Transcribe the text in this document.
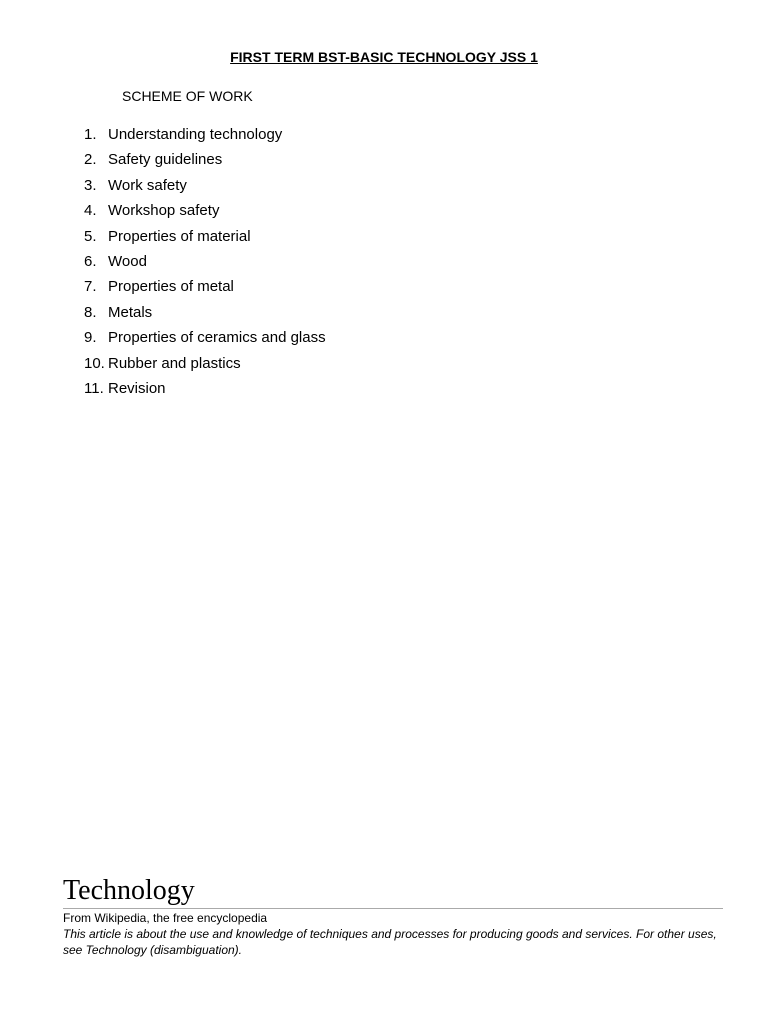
FIRST TERM BST-BASIC TECHNOLOGY JSS 1

SCHEME OF WORK

1. Understanding technology
2. Safety guidelines
3. Work safety
4. Workshop safety
5. Properties of material
6. Wood
7. Properties of metal
8. Metals
9. Properties of ceramics and glass
10. Rubber and plastics
11. Revision
Technology

From Wikipedia, the free encyclopedia

This article is about the use and knowledge of techniques and processes for producing goods and services. For other uses, see Technology (disambiguation).
